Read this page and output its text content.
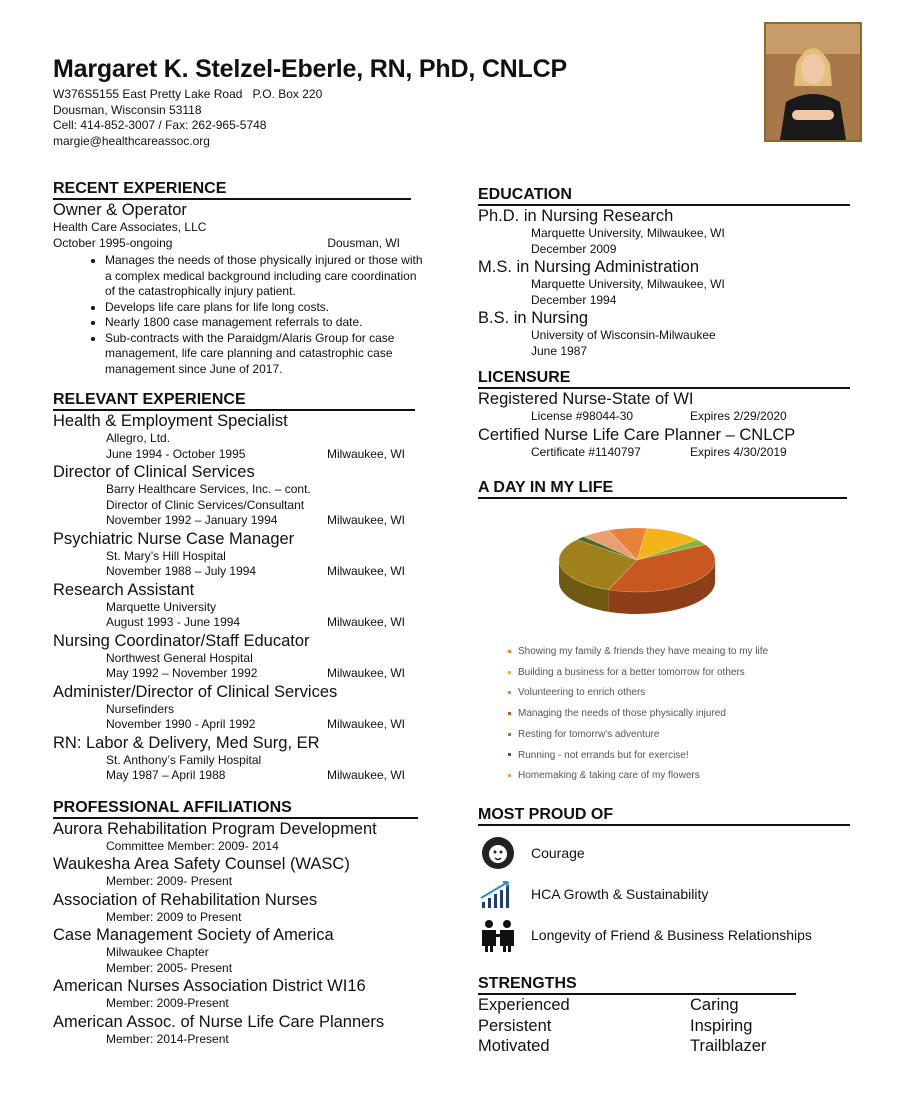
Margaret K. Stelzel-Eberle, RN, PhD, CNLCP
W376S5155 East Pretty Lake Road   P.O. Box 220
Dousman, Wisconsin 53118
Cell: 414-852-3007 / Fax: 262-965-5748
margie@healthcareassoc.org
RECENT EXPERIENCE
Owner & Operator
Health Care Associates, LLC
October 1995-ongoing	Dousman, WI
• Manages the needs of those physically injured or those with a complex medical background including care coordination of the catastrophically injury patient.
• Develops life care plans for life long costs.
• Nearly 1800 case management referrals to date.
• Sub-contracts with the Paraidgm/Alaris Group for case management, life care planning and catastrophic case management since June of 2017.
RELEVANT EXPERIENCE
Health & Employment Specialist
Allegro, Ltd.
June 1994 - October 1995	Milwaukee, WI
Director of Clinical Services
Barry Healthcare Services, Inc. – cont.
Director of Clinic Services/Consultant
November 1992 – January 1994	Milwaukee, WI
Psychiatric Nurse Case Manager
St. Mary’s Hill Hospital
November 1988 – July 1994	Milwaukee, WI
Research Assistant
Marquette University
August 1993 - June 1994	Milwaukee, WI
Nursing Coordinator/Staff Educator
Northwest General Hospital
May 1992 – November 1992	Milwaukee, WI
Administer/Director of Clinical Services
Nursefinders
November 1990 - April 1992	Milwaukee, WI
RN: Labor & Delivery, Med Surg, ER
St. Anthony’s Family Hospital
May 1987 – April 1988	Milwaukee, WI
PROFESSIONAL AFFILIATIONS
Aurora Rehabilitation Program Development
Committee Member: 2009- 2014
Waukesha Area Safety Counsel (WASC)
Member: 2009- Present
Association of Rehabilitation Nurses
Member: 2009 to Present
Case Management Society of America
Milwaukee Chapter
Member: 2005- Present
American Nurses Association District WI16
Member: 2009-Present
American Assoc. of Nurse Life Care Planners
Member: 2014-Present
EDUCATION
Ph.D. in Nursing Research
Marquette University, Milwaukee, WI
December 2009
M.S. in Nursing Administration
Marquette University, Milwaukee, WI
December 1994
B.S. in Nursing
University of Wisconsin-Milwaukee
June 1987
LICENSURE
Registered Nurse-State of WI
License #98044-30	Expires 2/29/2020
Certified Nurse Life Care Planner – CNLCP
Certificate #1140797	Expires 4/30/2019
A DAY IN MY LIFE
Showing my family & friends they have meaing to my life
Building a business for a better tomorrow for others
Volunteering to enrich others
Managing the needs of those physically injured
Resting for tomorrw's adventure
Running - not errands but for exercise!
Homemaking & taking care of my flowers
MOST PROUD OF
Courage
HCA Growth & Sustainability
Longevity of Friend & Business Relationships
STRENGTHS
Experienced	Caring
Persistent	Inspiring
Motivated	Trailblazer
